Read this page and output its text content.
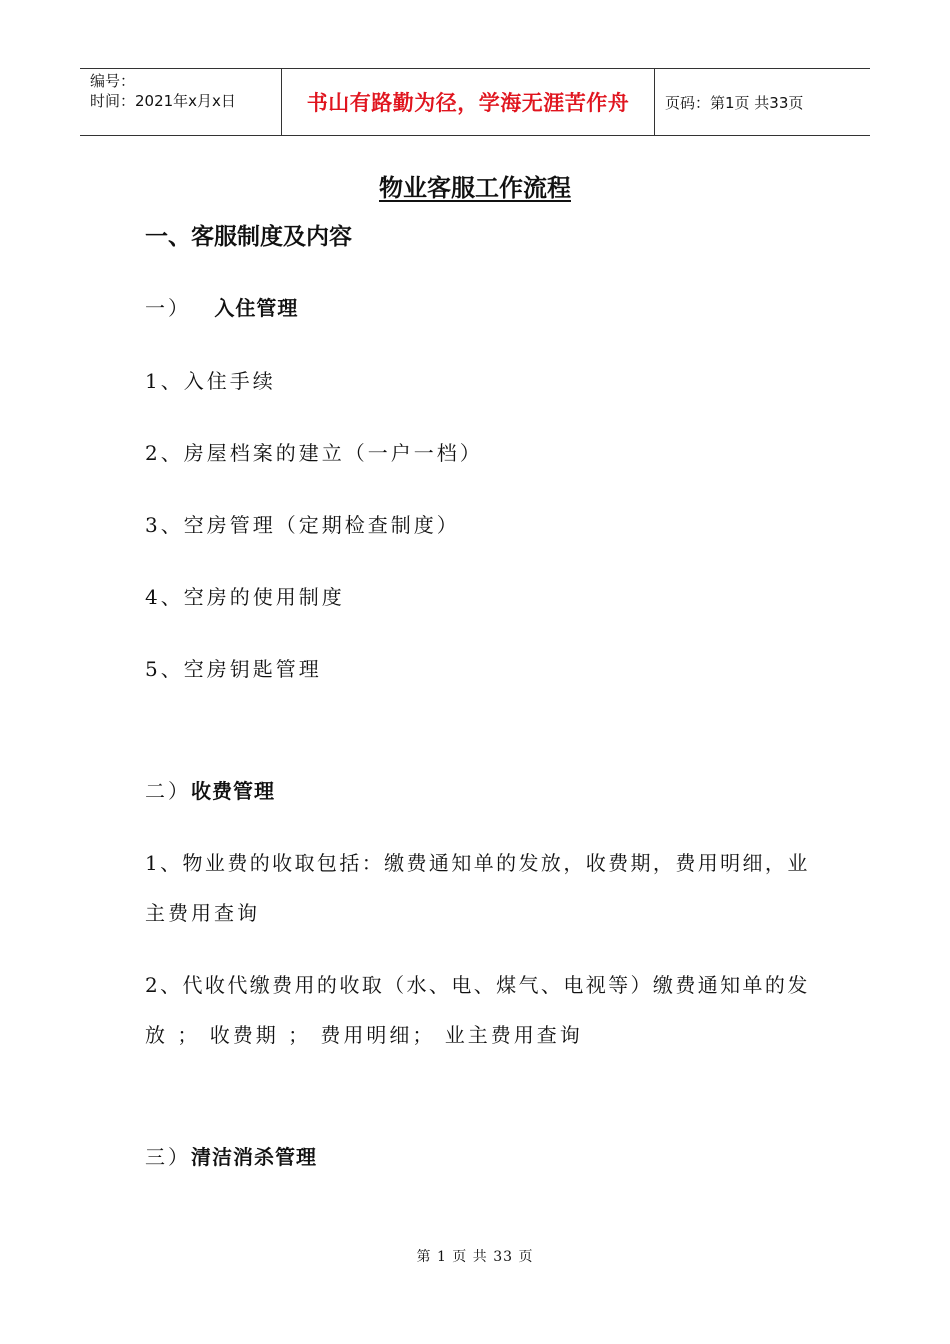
编号：
时间：2021年x月x日	书山有路勤为径，学海无涯苦作舟	页码：第1页 共33页
物业客服工作流程
一、客服制度及内容
一） 入住管理
1、入住手续
2、房屋档案的建立（一户一档）
3、空房管理（定期检查制度）
4、空房的使用制度
5、空房钥匙管理
二）收费管理
1、物业费的收取包括：缴费通知单的发放，收费期，费用明细，业
主费用查询
2、代收代缴费用的收取（水、电、煤气、电视等）缴费通知单的发
放 ； 收费期 ； 费用明细； 业主费用查询
三）清洁消杀管理
第 1 页 共 33 页
